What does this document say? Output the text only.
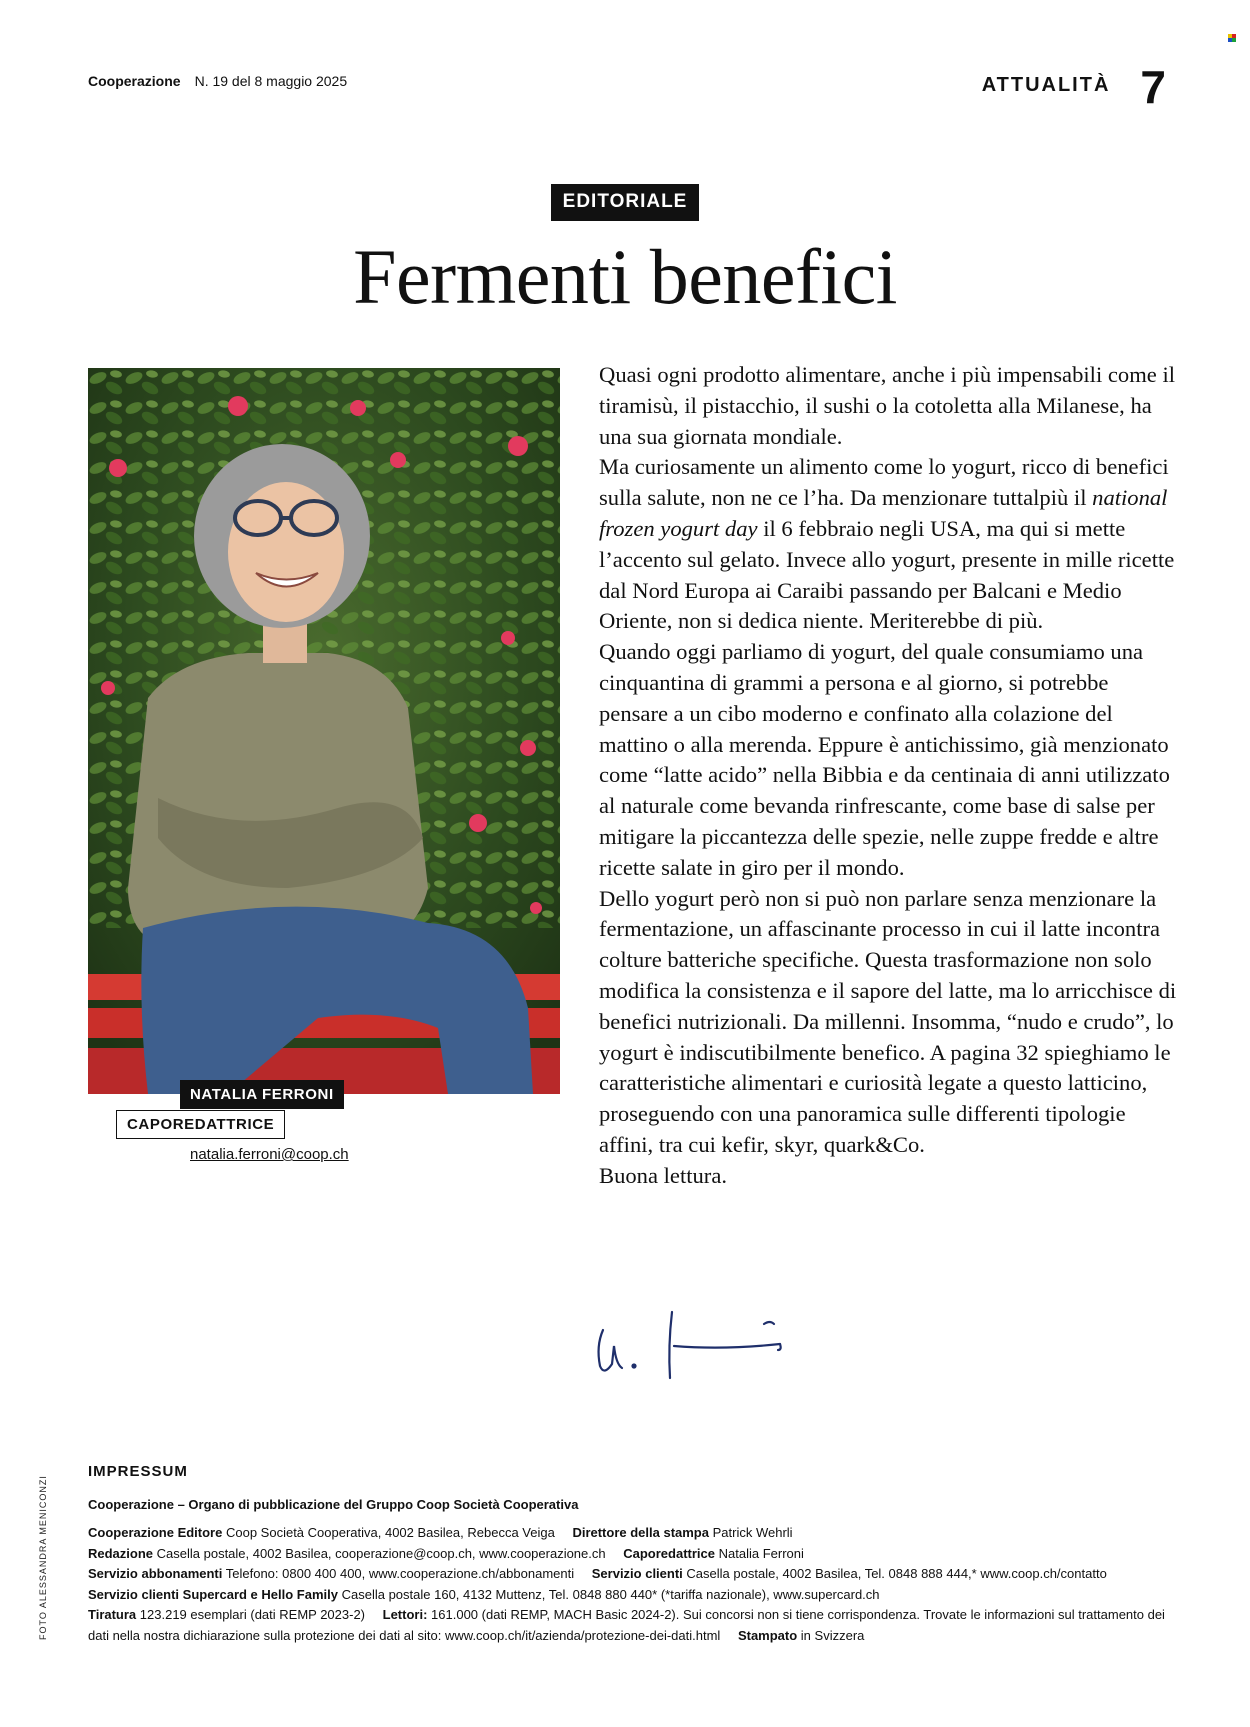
Cooperazione N. 19 del 8 maggio 2025	ATTUALITÀ 7
EDITORIALE
Fermenti benefici
NATALIA FERRONI
CAPOREDATTRICE
natalia.ferroni@coop.ch

Quasi ogni prodotto alimentare, anche i più impensabili come il tiramisù, il pistacchio, il sushi o la cotoletta alla Milanese, ha una sua giornata mondiale.

Ma curiosamente un alimento come lo yogurt, ricco di benefici sulla salute, non ne ce l’ha. Da menzionare tuttalpiù il national frozen yogurt day il 6 febbraio negli USA, ma qui si mette l’accento sul gelato. Invece allo yogurt, presente in mille ricette dal Nord Europa ai Caraibi passando per Balcani e Medio Oriente, non si dedica niente. Meriterebbe di più.

Quando oggi parliamo di yogurt, del quale consumiamo una cinquantina di grammi a persona e al giorno, si potrebbe pensare a un cibo moderno e confinato alla colazione del mattino o alla merenda. Eppure è antichissimo, già menzionato come “latte acido” nella Bibbia e da centinaia di anni utilizzato al naturale come bevanda rinfrescante, come base di salse per mitigare la piccantezza delle spezie, nelle zuppe fredde e altre ricette salate in giro per il mondo.

Dello yogurt però non si può non parlare senza menzionare la fermentazione, un affascinante processo in cui il latte incontra colture batteriche specifiche. Questa trasformazione non solo modifica la consistenza e il sapore del latte, ma lo arricchisce di benefici nutrizionali. Da millenni. Insomma, “nudo e crudo”, lo yogurt è indiscutibilmente benefico. A pagina 32 spieghiamo le caratteristiche alimentari e curiosità legate a questo latticino, proseguendo con una panoramica sulle differenti tipologie affini, tra cui kefir, skyr, quark&Co.

Buona lettura.

IMPRESSUM
Cooperazione – Organo di pubblicazione del Gruppo Coop Società Cooperativa
Cooperazione Editore Coop Società Cooperativa, 4002 Basilea, Rebecca Veiga Direttore della stampa Patrick Wehrli
Redazione Casella postale, 4002 Basilea, cooperazione@coop.ch, www.cooperazione.ch Caporedattrice Natalia Ferroni
Servizio abbonamenti Telefono: 0800 400 400, www.cooperazione.ch/abbonamenti Servizio clienti Casella postale, 4002 Basilea, Tel. 0848 888 444,* www.coop.ch/contatto
Servizio clienti Supercard e Hello Family Casella postale 160, 4132 Muttenz, Tel. 0848 880 440* (*tariffa nazionale), www.supercard.ch
Tiratura 123.219 esemplari (dati REMP 2023-2) Lettori: 161.000 (dati REMP, MACH Basic 2024-2). Sui concorsi non si tiene corrispondenza. Trovate le informazioni sul trattamento dei dati nella nostra dichiarazione sulla protezione dei dati al sito: www.coop.ch/it/azienda/protezione-dei-dati.html Stampato in Svizzera
FOTO ALESSANDRA MENICONZI
